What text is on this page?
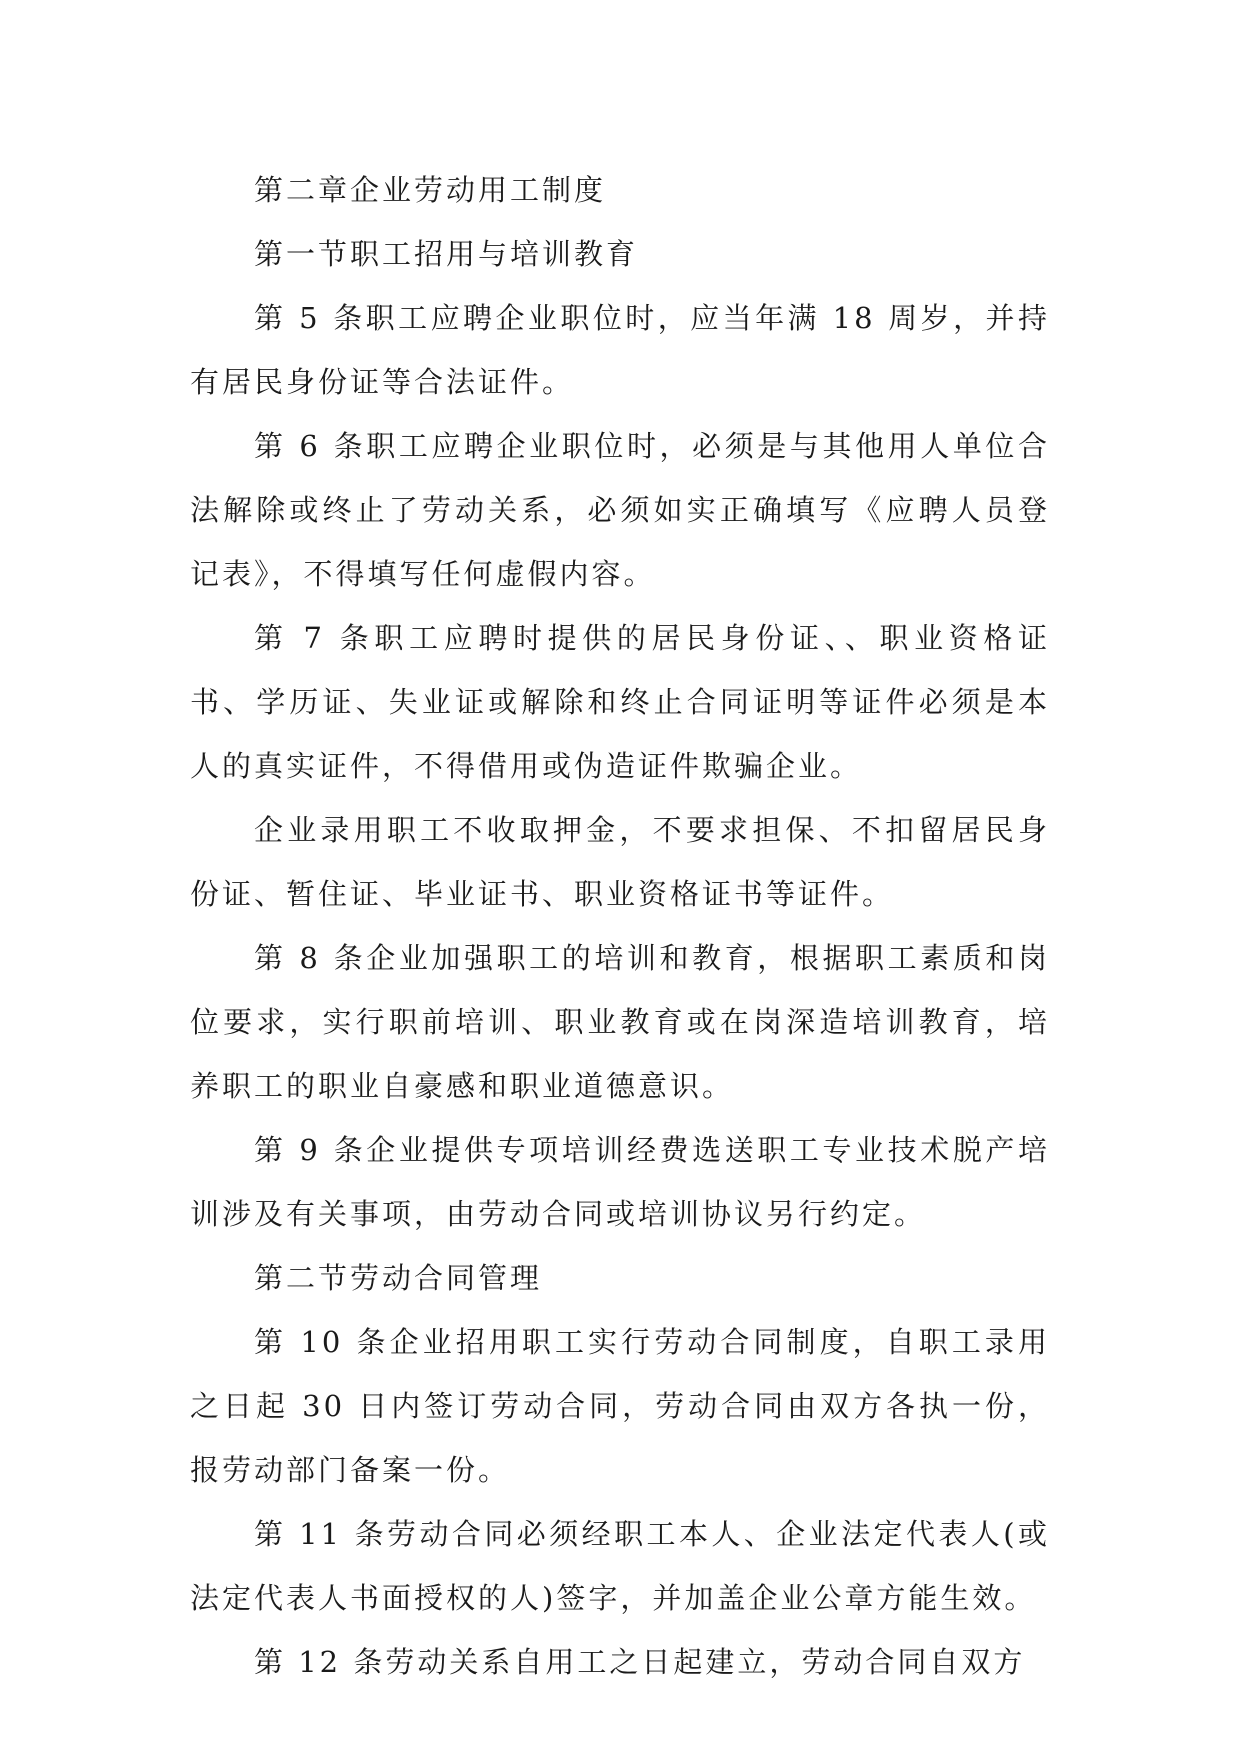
第二章企业劳动用工制度

第一节职工招用与培训教育

第 5 条职工应聘企业职位时，应当年满 18 周岁，并持有居民身份证等合法证件。

第 6 条职工应聘企业职位时，必须是与其他用人单位合法解除或终止了劳动关系，必须如实正确填写《应聘人员登记表》，不得填写任何虚假内容。

第 7 条职工应聘时提供的居民身份证、、职业资格证书、学历证、失业证或解除和终止合同证明等证件必须是本人的真实证件，不得借用或伪造证件欺骗企业。

企业录用职工不收取押金，不要求担保、不扣留居民身份证、暂住证、毕业证书、职业资格证书等证件。

第 8 条企业加强职工的培训和教育，根据职工素质和岗位要求，实行职前培训、职业教育或在岗深造培训教育，培养职工的职业自豪感和职业道德意识。

第 9 条企业提供专项培训经费选送职工专业技术脱产培训涉及有关事项，由劳动合同或培训协议另行约定。

第二节劳动合同管理

第 10 条企业招用职工实行劳动合同制度，自职工录用之日起 30 日内签订劳动合同，劳动合同由双方各执一份，报劳动部门备案一份。

第 11 条劳动合同必须经职工本人、企业法定代表人(或法定代表人书面授权的人)签字，并加盖企业公章方能生效。

第 12 条劳动关系自用工之日起建立，劳动合同自双方
